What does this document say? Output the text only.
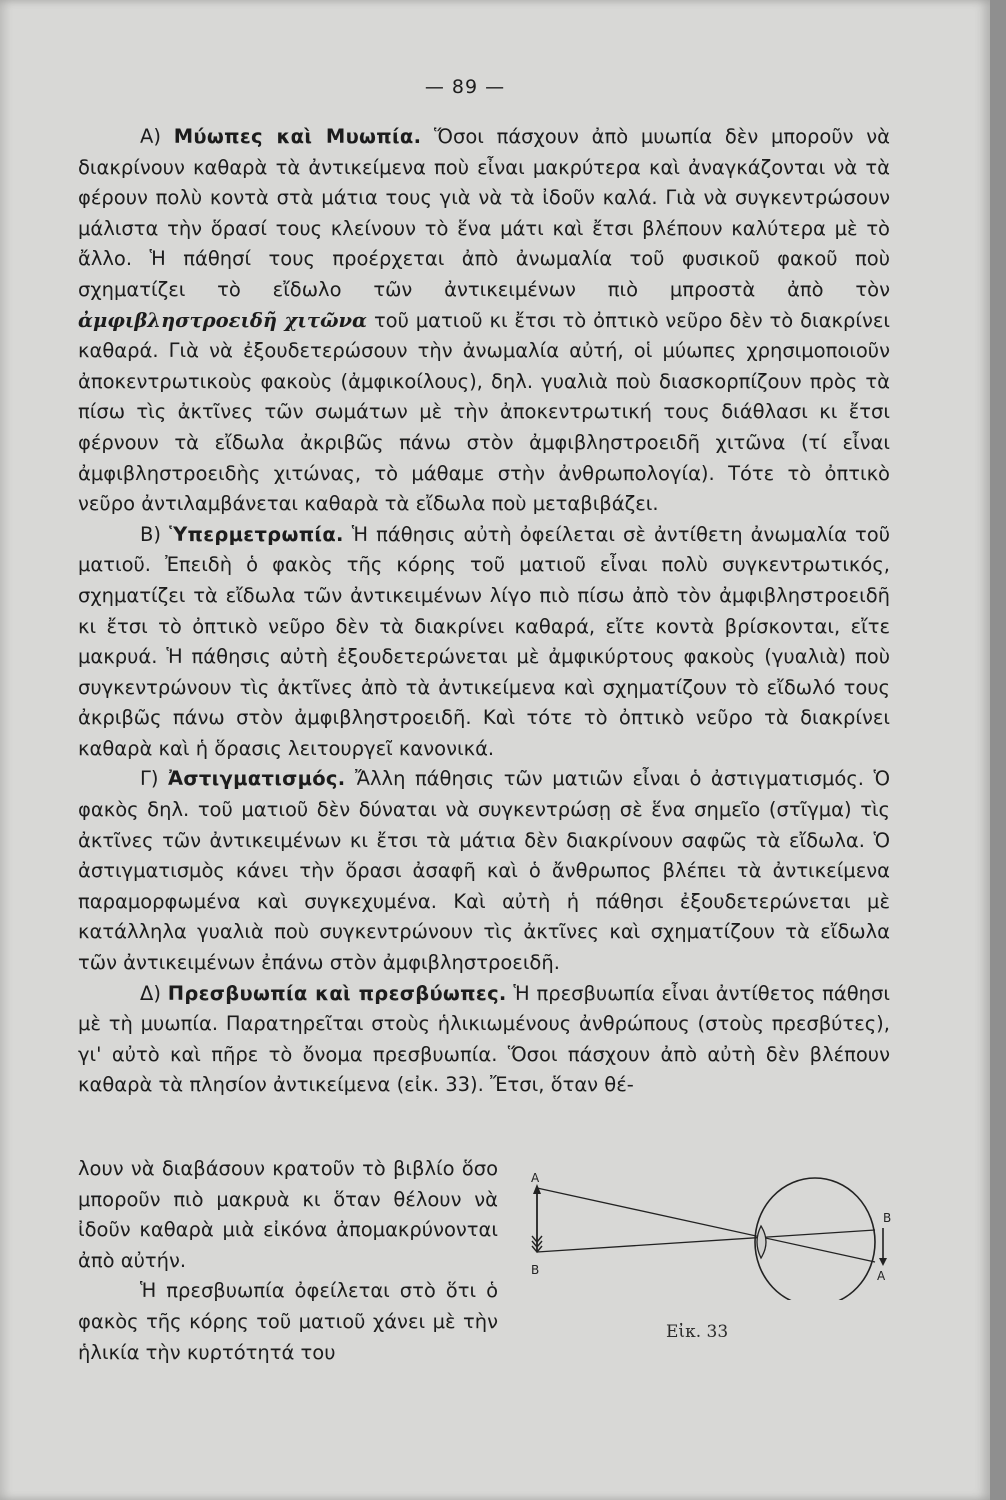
— 89 —

Α) Μύωπες καὶ Μυωπία. Ὅσοι πάσχουν ἀπὸ μυωπία δὲν μποροῦν νὰ διακρίνουν καθαρὰ τὰ ἀντικείμενα ποὺ εἶναι μακρύτερα καὶ ἀναγκάζονται νὰ τὰ φέρουν πολὺ κοντὰ στὰ μάτια τους γιὰ νὰ τὰ ἰδοῦν καλά. Γιὰ νὰ συγκεντρώσουν μάλιστα τὴν ὅρασί τους κλείνουν τὸ ἕνα μάτι καὶ ἔτσι βλέπουν καλύτερα μὲ τὸ ἄλλο. Ἡ πάθησί τους προέρχεται ἀπὸ ἀνωμαλία τοῦ φυσικοῦ φακοῦ ποὺ σχηματίζει τὸ εἴδωλο τῶν ἀντικειμένων πιὸ μπροστὰ ἀπὸ τὸν ἀμφιβληστροειδῆ χιτῶνα τοῦ ματιοῦ κι ἔτσι τὸ ὀπτικὸ νεῦρο δὲν τὸ διακρίνει καθαρά. Γιὰ νὰ ἐξουδετερώσουν τὴν ἀνωμαλία αὐτή, οἱ μύωπες χρησιμοποιοῦν ἀποκεντρωτικοὺς φακοὺς (ἀμφικοίλους), δηλ. γυαλιὰ ποὺ διασκορπίζουν πρὸς τὰ πίσω τὶς ἀκτῖνες τῶν σωμάτων μὲ τὴν ἀποκεντρωτική τους διάθλασι κι ἔτσι φέρνουν τὰ εἴδωλα ἀκριβῶς πάνω στὸν ἀμφιβληστροειδῆ χιτῶνα (τί εἶναι ἀμφιβληστροειδὴς χιτώνας, τὸ μάθαμε στὴν ἀνθρωπολογία). Τότε τὸ ὀπτικὸ νεῦρο ἀντιλαμβάνεται καθαρὰ τὰ εἴδωλα ποὺ μεταβιβάζει.

Β) Ὑπερμετρωπία. Ἡ πάθησις αὐτὴ ὀφείλεται σὲ ἀντίθετη ἀνωμαλία τοῦ ματιοῦ. Ἐπειδὴ ὁ φακὸς τῆς κόρης τοῦ ματιοῦ εἶναι πολὺ συγκεντρωτικός, σχηματίζει τὰ εἴδωλα τῶν ἀντικειμένων λίγο πιὸ πίσω ἀπὸ τὸν ἀμφιβληστροειδῆ κι ἔτσι τὸ ὀπτικὸ νεῦρο δὲν τὰ διακρίνει καθαρά, εἴτε κοντὰ βρίσκονται, εἴτε μακρυά. Ἡ πάθησις αὐτὴ ἐξουδετερώνεται μὲ ἀμφικύρτους φακοὺς (γυαλιὰ) ποὺ συγκεντρώνουν τὶς ἀκτῖνες ἀπὸ τὰ ἀντικείμενα καὶ σχηματίζουν τὸ εἴδωλό τους ἀκριβῶς πάνω στὸν ἀμφιβληστροειδῆ. Καὶ τότε τὸ ὀπτικὸ νεῦρο τὰ διακρίνει καθαρὰ καὶ ἡ ὅρασις λειτουργεῖ κανονικά.

Γ) Ἀστιγματισμός. Ἄλλη πάθησις τῶν ματιῶν εἶναι ὁ ἀστιγματισμός. Ὁ φακὸς δηλ. τοῦ ματιοῦ δὲν δύναται νὰ συγκεντρώσῃ σὲ ἕνα σημεῖο (στῖγμα) τὶς ἀκτῖνες τῶν ἀντικειμένων κι ἔτσι τὰ μάτια δὲν διακρίνουν σαφῶς τὰ εἴδωλα. Ὁ ἀστιγματισμὸς κάνει τὴν ὅρασι ἀσαφῆ καὶ ὁ ἄνθρωπος βλέπει τὰ ἀντικείμενα παραμορφωμένα καὶ συγκεχυμένα. Καὶ αὐτὴ ἡ πάθησι ἐξουδετερώνεται μὲ κατάλληλα γυαλιὰ ποὺ συγκεντρώνουν τὶς ἀκτῖνες καὶ σχηματίζουν τὰ εἴδωλα τῶν ἀντικειμένων ἐπάνω στὸν ἀμφιβληστροειδῆ.

Δ) Πρεσβυωπία καὶ πρεσβύωπες. Ἡ πρεσβυωπία εἶναι ἀντίθετος πάθησι μὲ τὴ μυωπία. Παρατηρεῖται στοὺς ἡλικιωμένους ἀνθρώπους (στοὺς πρεσβύτες), γι' αὐτὸ καὶ πῆρε τὸ ὄνομα πρεσβυωπία. Ὅσοι πάσχουν ἀπὸ αὐτὴ δὲν βλέπουν καθαρὰ τὰ πλησίον ἀντικείμενα (εἰκ. 33). Ἔτσι, ὅταν θέ-

λουν νὰ διαβάσουν κρατοῦν τὸ βιβλίο ὅσο μποροῦν πιὸ μακρυὰ κι ὅταν θέλουν νὰ ἰδοῦν καθαρὰ μιὰ εἰκόνα ἀπομακρύνονται ἀπὸ αὐτήν.

Ἡ πρεσβυωπία ὀφείλεται στὸ ὅτι ὁ φακὸς τῆς κόρης τοῦ ματιοῦ χάνει μὲ τὴν ἡλικία τὴν κυρτότητά του

Α
Β
Β
Α
Εἰκ. 33
